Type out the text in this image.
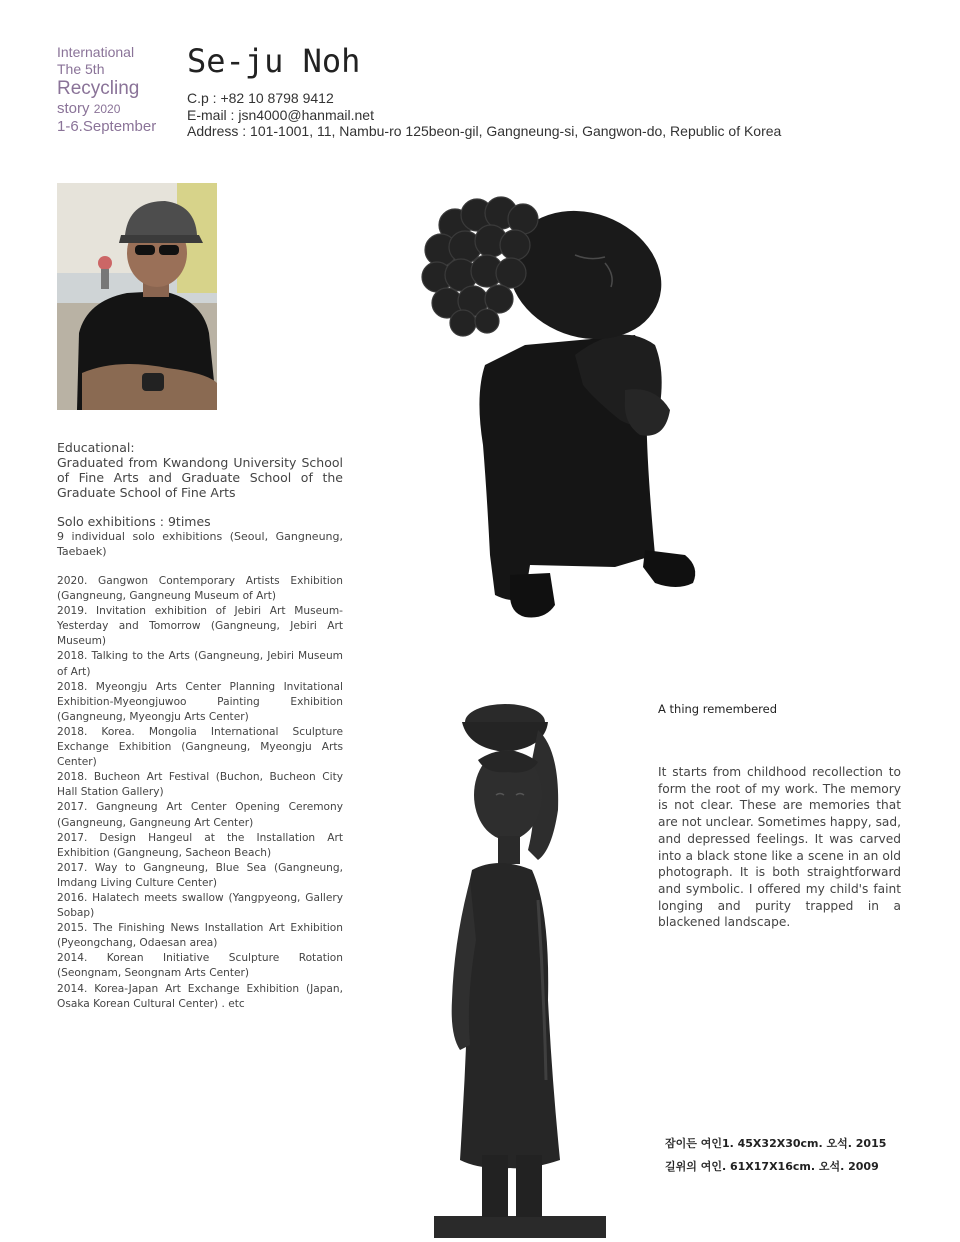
International
The 5th
Recycling
story 2020
1-6.September
Se-ju Noh
C.p : +82 10 8798 9412
E-mail : jsn4000@hanmail.net
Address : 101-1001, 11, Nambu-ro 125beon-gil, Gangneung-si, Gangwon-do, Republic of Korea
Educational:
Graduated from Kwandong University School of Fine Arts and Graduate School of the Graduate School of Fine Arts
Solo exhibitions : 9times
9 individual solo exhibitions (Seoul, Gangneung, Taebaek)
2020. Gangwon Contemporary Artists Exhibition (Gangneung, Gangneung Museum of Art)
2019. Invitation exhibition of Jebiri Art Museum-Yesterday and Tomorrow (Gangneung, Jebiri Art Museum)
2018. Talking to the Arts (Gangneung, Jebiri Museum of Art)
2018. Myeongju Arts Center Planning Invitational Exhibition-Myeongjuwoo Painting Exhibition (Gangneung, Myeongju Arts Center)
2018. Korea. Mongolia International Sculpture Exchange Exhibition (Gangneung, Myeongju Arts Center)
2018. Bucheon Art Festival (Buchon, Bucheon City Hall Station Gallery)
2017. Gangneung Art Center Opening Ceremony (Gangneung, Gangneung Art Center)
2017. Design Hangeul at the Installation Art Exhibition (Gangneung, Sacheon Beach)
2017. Way to Gangneung, Blue Sea (Gangneung, Imdang Living Culture Center)
2016. Halatech meets swallow (Yangpyeong, Gallery Sobap)
2015. The Finishing News Installation Art Exhibition (Pyeongchang, Odaesan area)
2014. Korean Initiative Sculpture Rotation (Seongnam, Seongnam Arts Center)
2014. Korea-Japan Art Exchange Exhibition (Japan, Osaka Korean Cultural Center) . etc
A thing remembered
It starts from childhood recollection to form the root of my work. The memory is not clear. These are memories that are not unclear. Sometimes happy, sad, and depressed feelings. It was carved into a black stone like a scene in an old photograph. It is both straightforward and symbolic. I offered my child's faint longing and purity trapped in a blackened landscape.
잠이든 여인1. 45X32X30cm. 오석. 2015
길위의 여인. 61X17X16cm. 오석. 2009
